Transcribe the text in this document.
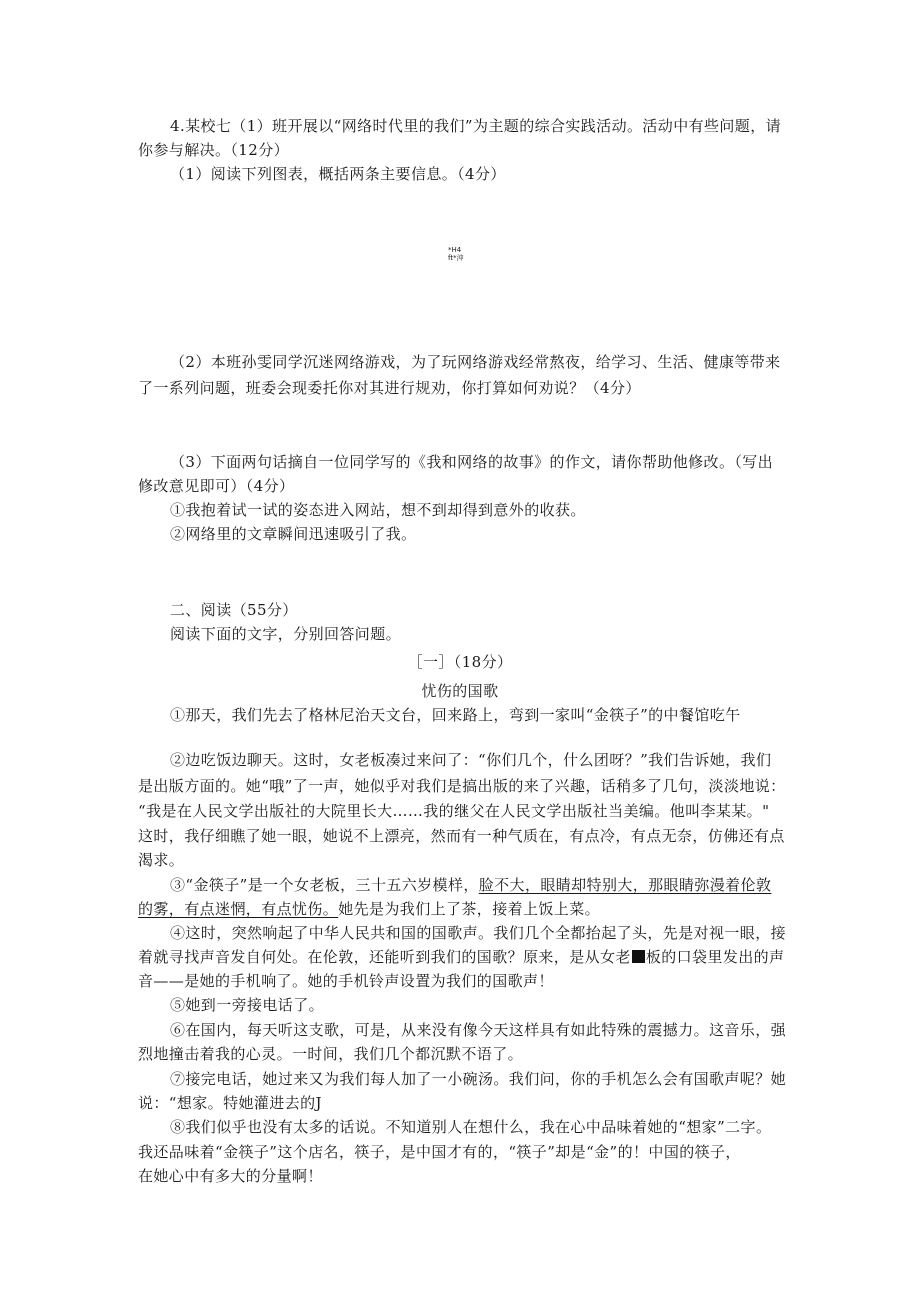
4.某校七（1）班开展以“网络时代里的我们”为主题的综合实践活动。活动中有些问题，请
你参与解决。（12分）
（1）阅读下列图表，概括两条主要信息。（4分）
*H4
ft*沖
（2）本班孙雯同学沉迷网络游戏，为了玩网络游戏经常熬夜，给学习、生活、健康等带来
了一系列问题，班委会现委托你对其进行规劝，你打算如何劝说？（4分）
（3）下面两句话摘自一位同学写的《我和网络的故事》的作文，请你帮助他修改。（写出
修改意见即可）（4分）
①我抱着试一试的姿态进入网站，想不到却得到意外的收获。
②网络里的文章瞬间迅速吸引了我。
二、阅读（55分）
阅读下面的文字，分别回答问题。
［一］（18分）
忧伤的国歌
①那天，我们先去了格林尼治天文台，回来路上，弯到一家叫“金筷子”的中餐馆吃午
②边吃饭边聊天。这时，女老板凑过来问了：“你们几个，什么团呀？”我们告诉她，我们
是出版方面的。她“哦”了一声，她似乎对我们是搞出版的来了兴趣，话稍多了几句，淡淡地说：
“我是在人民文学出版社的大院里长大……我的继父在人民文学出版社当美编。他叫李某某。"
这时，我仔细瞧了她一眼，她说不上漂亮，然而有一种气质在，有点冷，有点无奈，仿佛还有点
渴求。
③“金筷子”是一个女老板，三十五六岁模样，脸不大，眼睛却特别大，那眼睛弥漫着伦敦
的雾，有点迷惘，有点忧伤。她先是为我们上了茶，接着上饭上菜。
④这时，突然响起了中华人民共和国的国歌声。我们几个全都抬起了头，先是对视一眼，接
着就寻找声音发自何处。在伦敦，还能听到我们的国歌？原来，是从女老 板的口袋里发出的声
音——是她的手机响了。她的手机铃声设置为我们的国歌声！
⑤她到一旁接电话了。
⑥在国内，每天听这支歌，可是，从来没有像今天这样具有如此特殊的震撼力。这音乐，强
烈地撞击着我的心灵。一时间，我们几个都沉默不语了。
⑦接完电话，她过来又为我们每人加了一小碗汤。我们问，你的手机怎么会有国歌声呢？她
说：“想家。特她灌进去的J
⑧我们似乎也没有太多的话说。不知道别人在想什么，我在心中品味着她的“想家”二字。
我还品味着“金筷子”这个店名，筷子，是中国才有的，“筷子”却是“金”的！中国的筷子，
在她心中有多大的分量啊！
